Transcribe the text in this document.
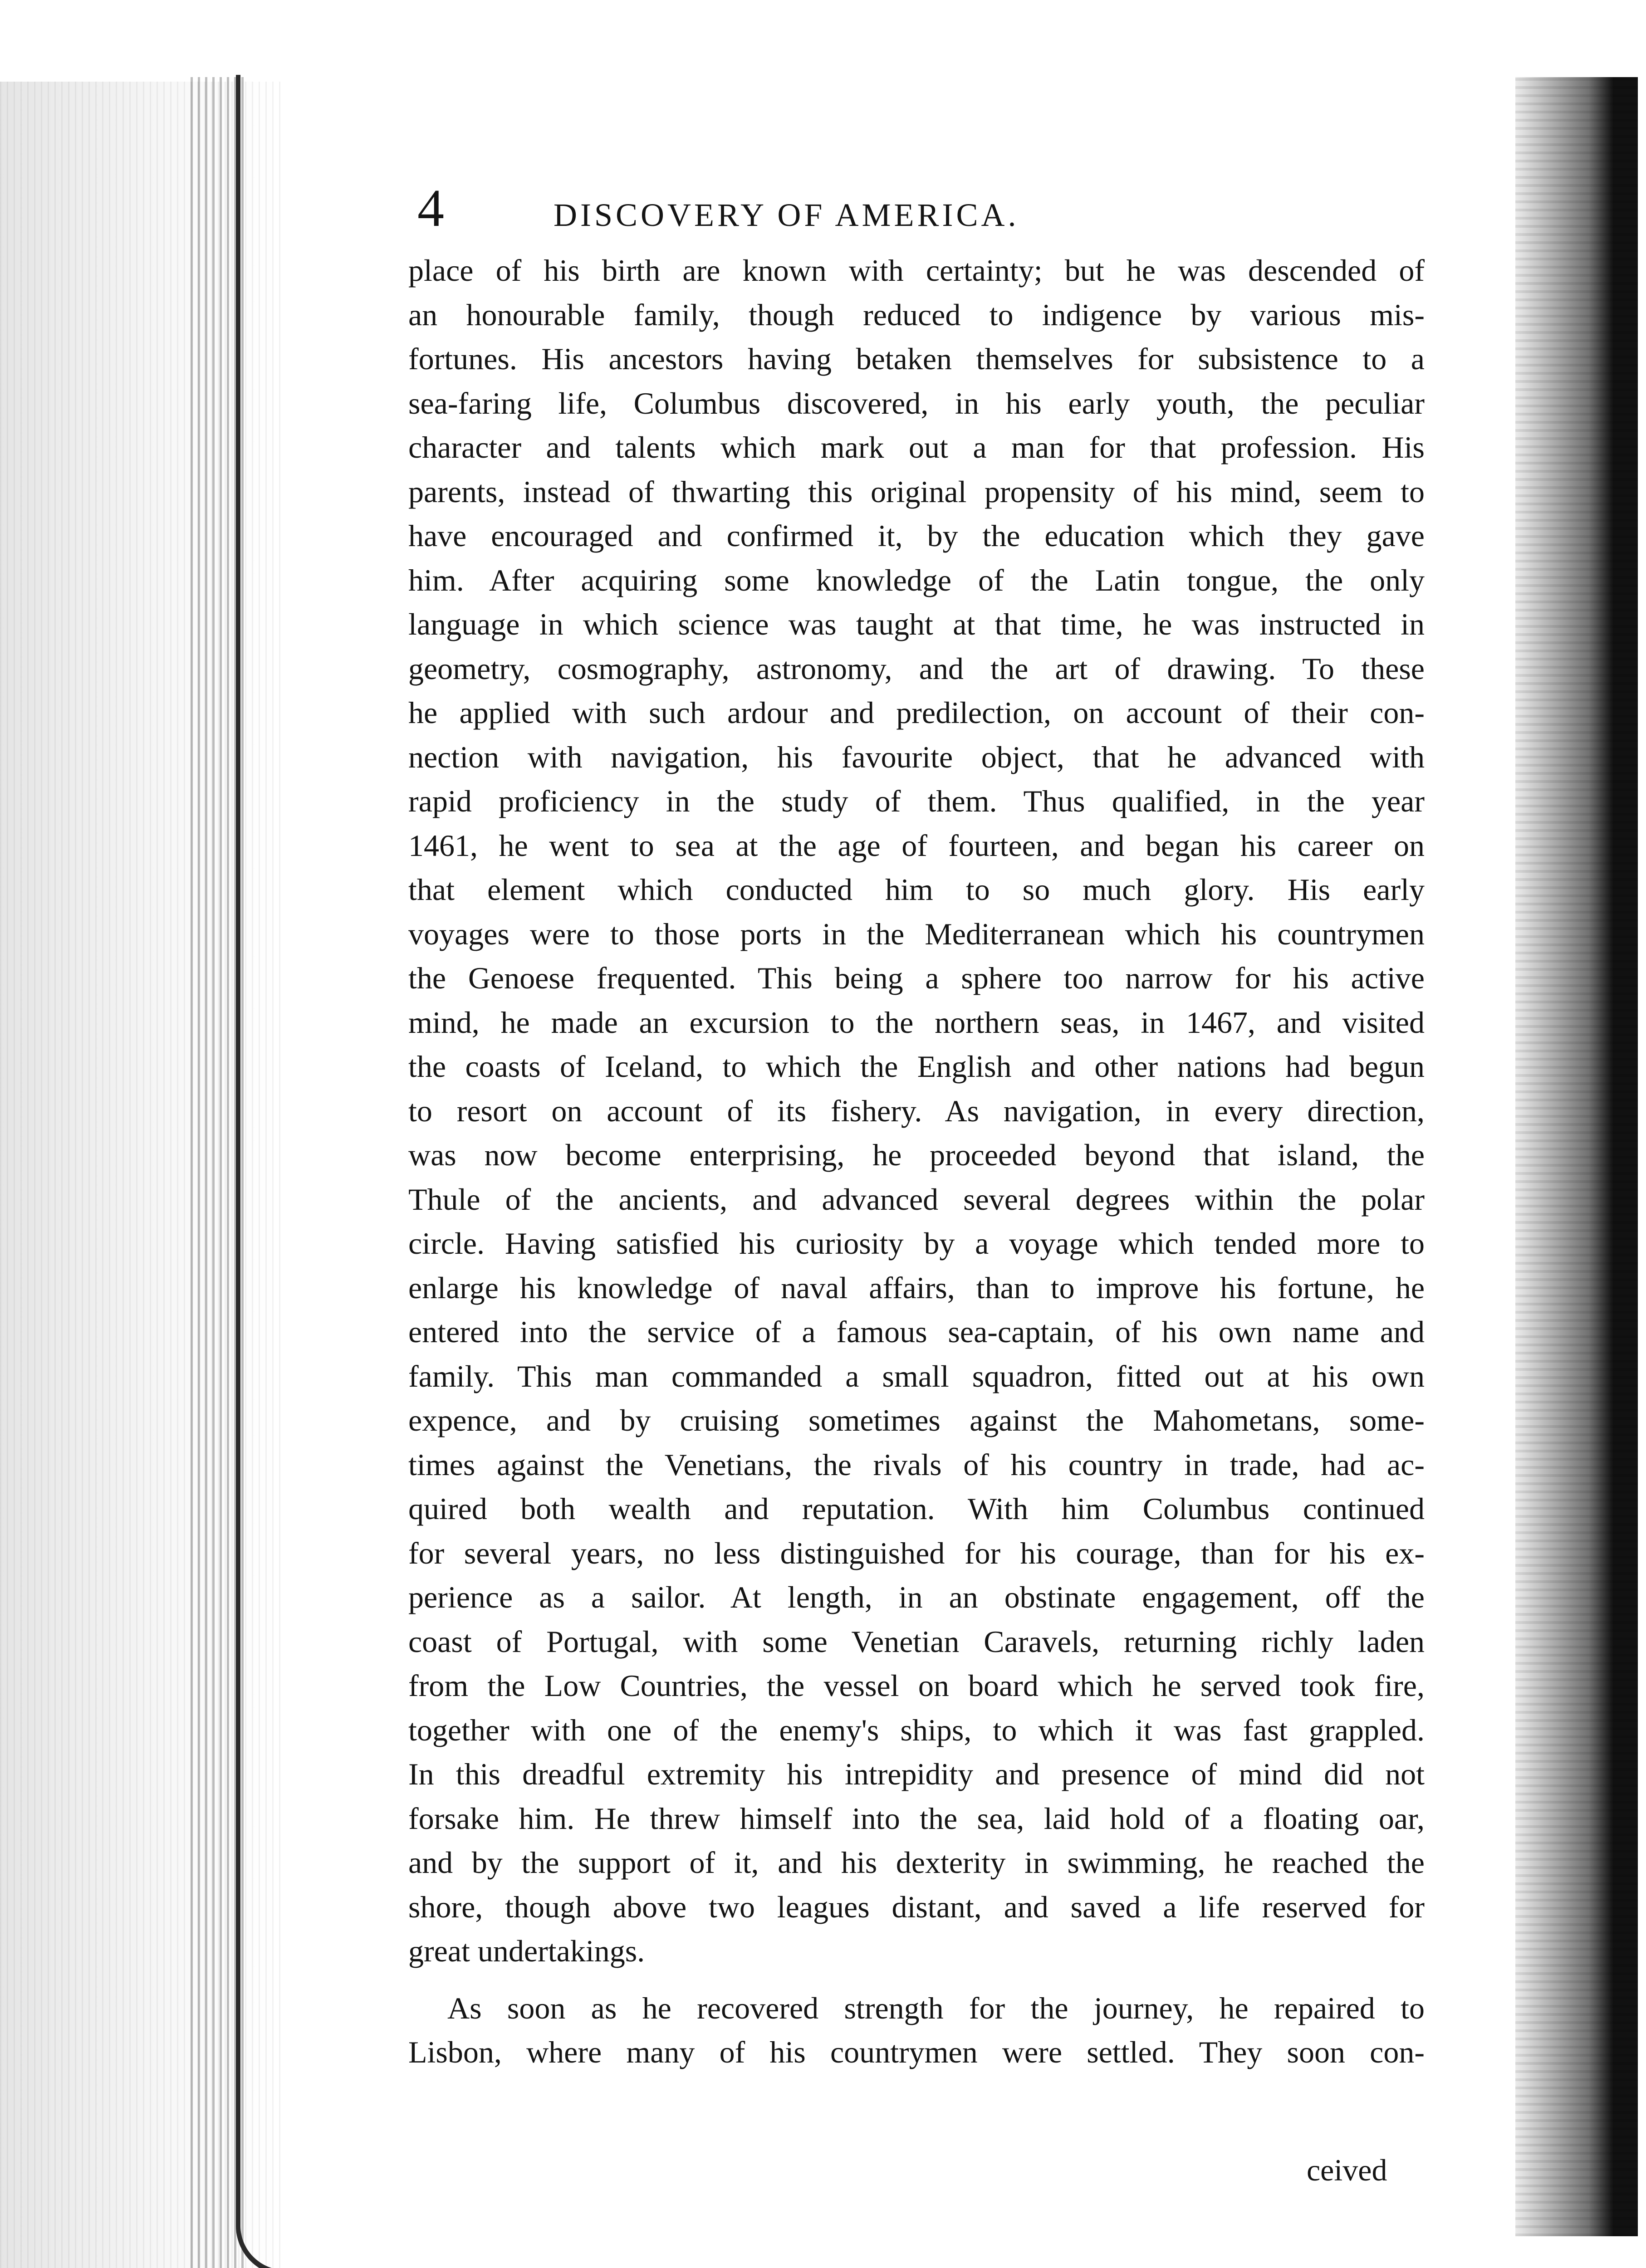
4	DISCOVERY OF AMERICA.
place of his birth are known with certainty; but he was descended of
an honourable family, though reduced to indigence by various mis-
fortunes. His ancestors having betaken themselves for subsistence to a
sea-faring life, Columbus discovered, in his early youth, the peculiar
character and talents which mark out a man for that profession. His
parents, instead of thwarting this original propensity of his mind, seem to
have encouraged and confirmed it, by the education which they gave
him. After acquiring some knowledge of the Latin tongue, the only
language in which science was taught at that time, he was instructed in
geometry, cosmography, astronomy, and the art of drawing. To these
he applied with such ardour and predilection, on account of their con-
nection with navigation, his favourite object, that he advanced with
rapid proficiency in the study of them. Thus qualified, in the year
1461, he went to sea at the age of fourteen, and began his career on
that element which conducted him to so much glory. His early
voyages were to those ports in the Mediterranean which his countrymen
the Genoese frequented. This being a sphere too narrow for his active
mind, he made an excursion to the northern seas, in 1467, and visited
the coasts of Iceland, to which the English and other nations had begun
to resort on account of its fishery. As navigation, in every direction,
was now become enterprising, he proceeded beyond that island, the
Thule of the ancients, and advanced several degrees within the polar
circle. Having satisfied his curiosity by a voyage which tended more to
enlarge his knowledge of naval affairs, than to improve his fortune, he
entered into the service of a famous sea-captain, of his own name and
family. This man commanded a small squadron, fitted out at his own
expence, and by cruising sometimes against the Mahometans, some-
times against the Venetians, the rivals of his country in trade, had ac-
quired both wealth and reputation. With him Columbus continued
for several years, no less distinguished for his courage, than for his ex-
perience as a sailor. At length, in an obstinate engagement, off the
coast of Portugal, with some Venetian Caravels, returning richly laden
from the Low Countries, the vessel on board which he served took fire,
together with one of the enemy's ships, to which it was fast grappled.
In this dreadful extremity his intrepidity and presence of mind did not
forsake him. He threw himself into the sea, laid hold of a floating oar,
and by the support of it, and his dexterity in swimming, he reached the
shore, though above two leagues distant, and saved a life reserved for
great undertakings.
As soon as he recovered strength for the journey, he repaired to
Lisbon, where many of his countrymen were settled. They soon con-
ceived
